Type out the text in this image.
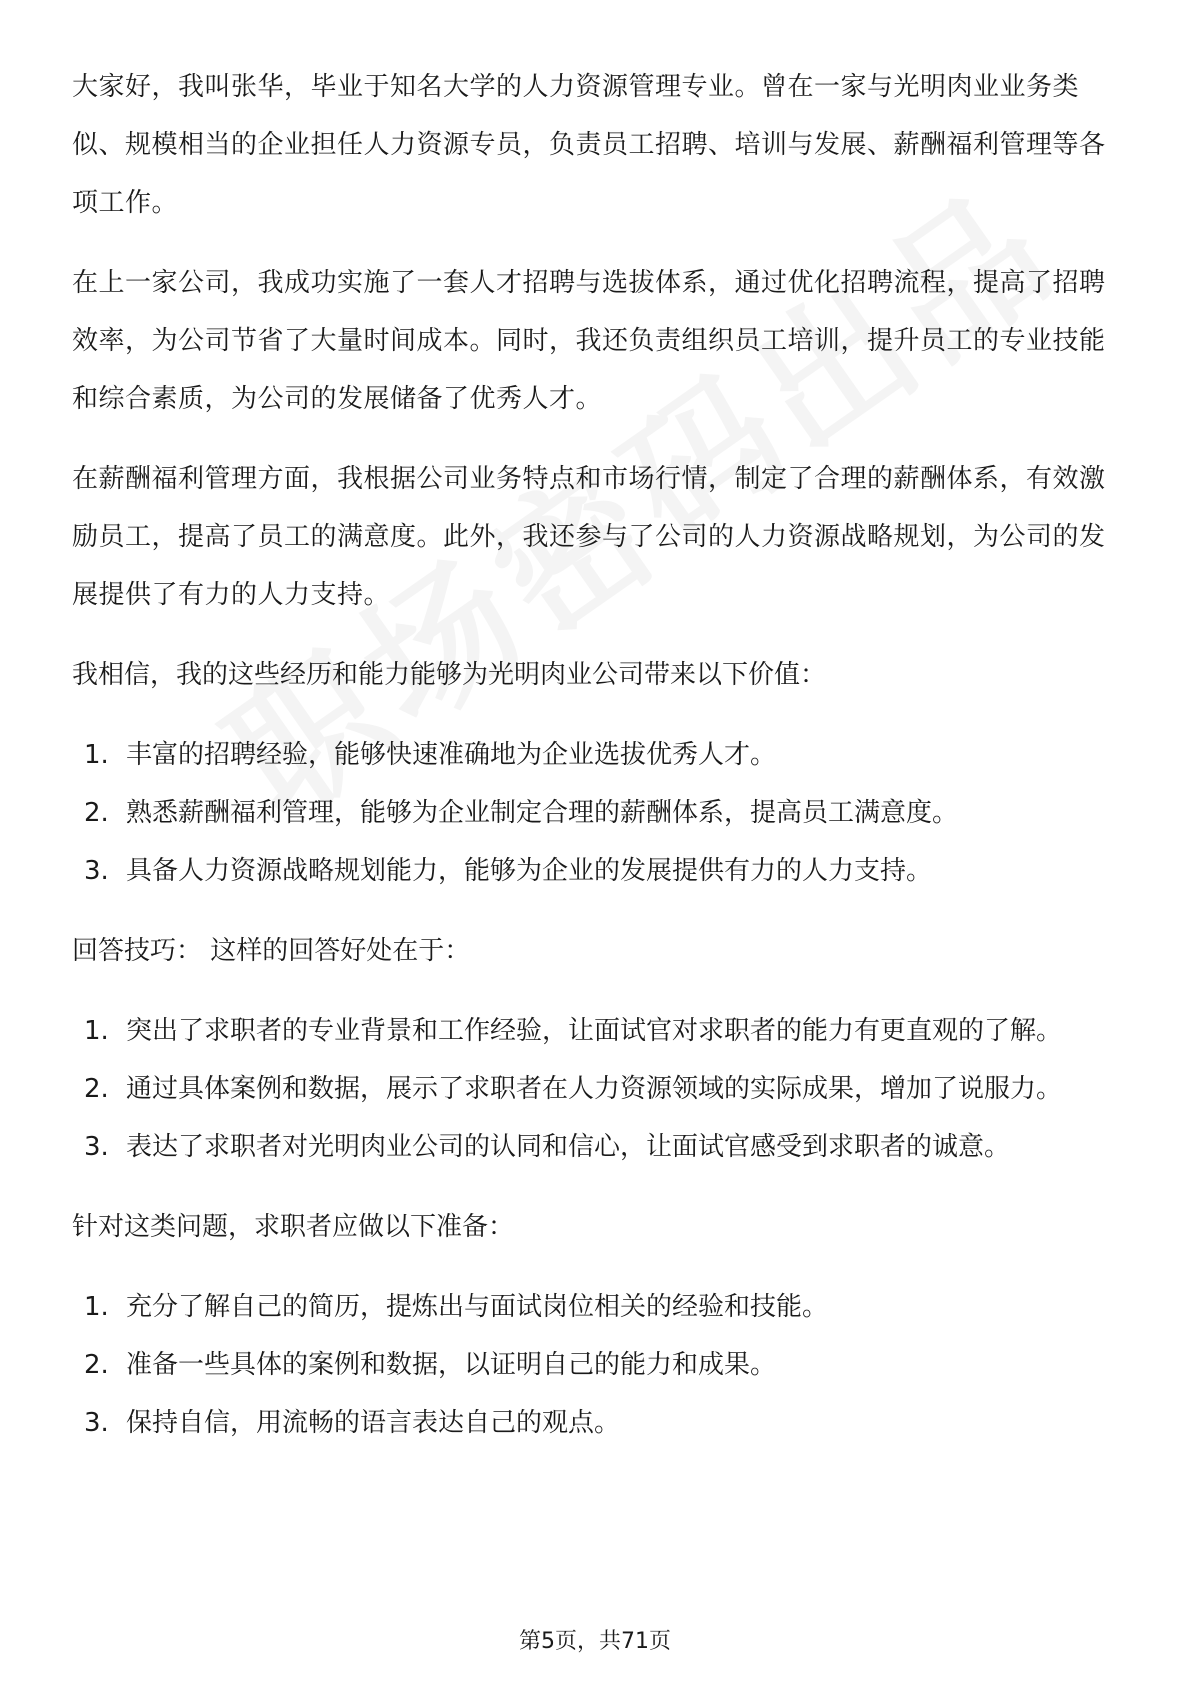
大家好，我叫张华，毕业于知名大学的人力资源管理专业。曾在一家与光明肉业业务类似、规模相当的企业担任人力资源专员，负责员工招聘、培训与发展、薪酬福利管理等各项工作。

在上一家公司，我成功实施了一套人才招聘与选拔体系，通过优化招聘流程，提高了招聘效率，为公司节省了大量时间成本。同时，我还负责组织员工培训，提升员工的专业技能和综合素质，为公司的发展储备了优秀人才。

在薪酬福利管理方面，我根据公司业务特点和市场行情，制定了合理的薪酬体系，有效激励员工，提高了员工的满意度。此外，我还参与了公司的人力资源战略规划，为公司的发展提供了有力的人力支持。

我相信，我的这些经历和能力能够为光明肉业公司带来以下价值：

1. 丰富的招聘经验，能够快速准确地为企业选拔优秀人才。
2. 熟悉薪酬福利管理，能够为企业制定合理的薪酬体系，提高员工满意度。
3. 具备人力资源战略规划能力，能够为企业的发展提供有力的人力支持。

回答技巧： 这样的回答好处在于：

1. 突出了求职者的专业背景和工作经验，让面试官对求职者的能力有更直观的了解。
2. 通过具体案例和数据，展示了求职者在人力资源领域的实际成果，增加了说服力。
3. 表达了求职者对光明肉业公司的认同和信心，让面试官感受到求职者的诚意。

针对这类问题，求职者应做以下准备：

1. 充分了解自己的简历，提炼出与面试岗位相关的经验和技能。
2. 准备一些具体的案例和数据，以证明自己的能力和成果。
3. 保持自信，用流畅的语言表达自己的观点。
第5页，共71页
